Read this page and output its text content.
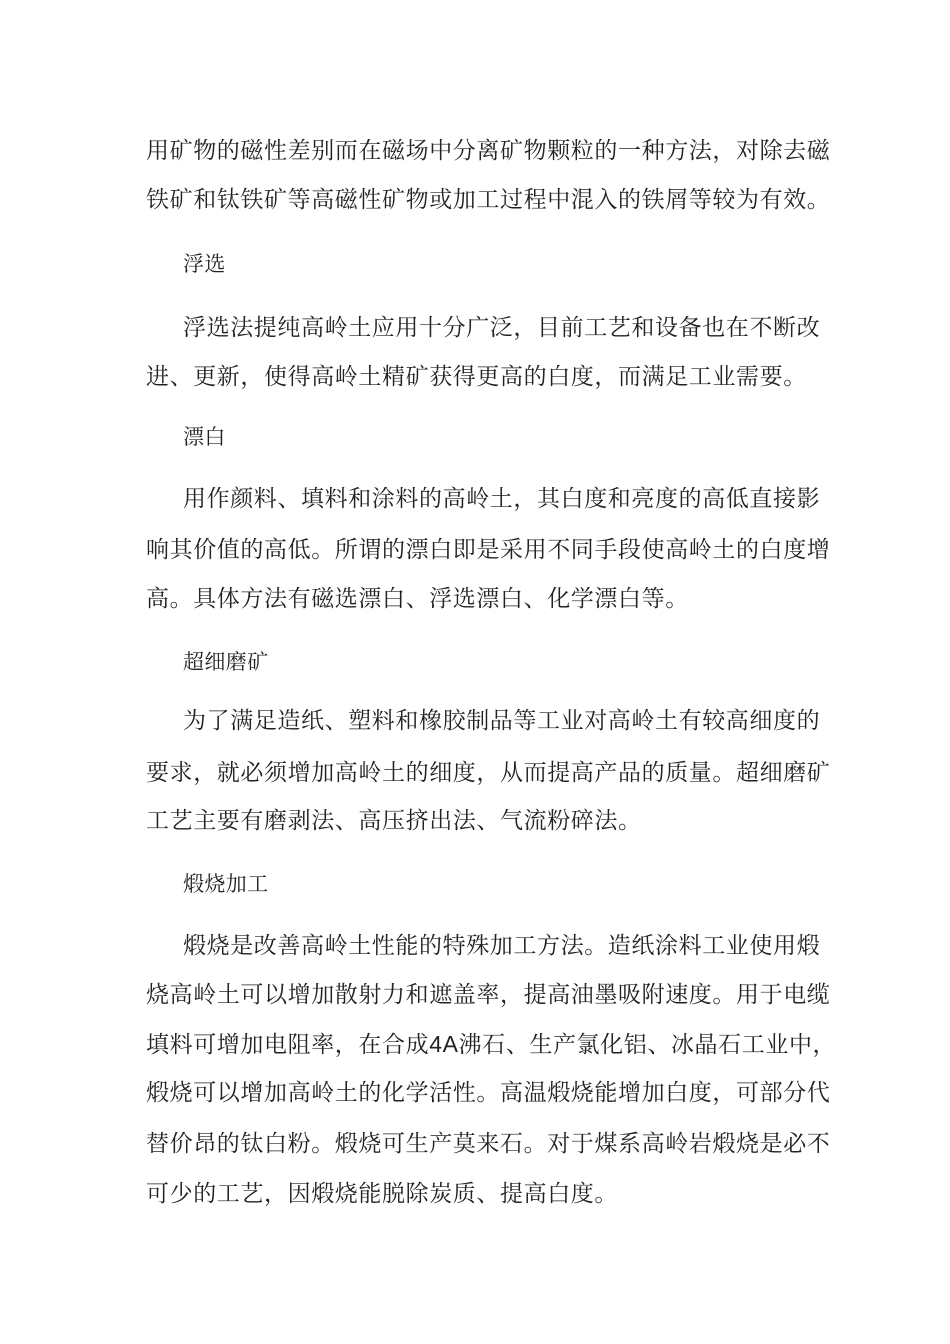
用矿物的磁性差别而在磁场中分离矿物颗粒的一种方法，对除去磁
铁矿和钛铁矿等高磁性矿物或加工过程中混入的铁屑等较为有效。
浮选
浮选法提纯高岭土应用十分广泛，目前工艺和设备也在不断改
进、更新，使得高岭土精矿获得更高的白度，而满足工业需要。
漂白
用作颜料、填料和涂料的高岭土，其白度和亮度的高低直接影
响其价值的高低。所谓的漂白即是采用不同手段使高岭土的白度增
高。具体方法有磁选漂白、浮选漂白、化学漂白等。
超细磨矿
为了满足造纸、塑料和橡胶制品等工业对高岭土有较高细度的
要求，就必须增加高岭土的细度，从而提高产品的质量。超细磨矿
工艺主要有磨剥法、高压挤出法、气流粉碎法。
煅烧加工
煅烧是改善高岭土性能的特殊加工方法。造纸涂料工业使用煅
烧高岭土可以增加散射力和遮盖率，提高油墨吸附速度。用于电缆
填料可增加电阻率，在合成4A沸石、生产氯化铝、冰晶石工业中，
煅烧可以增加高岭土的化学活性。高温煅烧能增加白度，可部分代
替价昂的钛白粉。煅烧可生产莫来石。对于煤系高岭岩煅烧是必不
可少的工艺，因煅烧能脱除炭质、提高白度。
